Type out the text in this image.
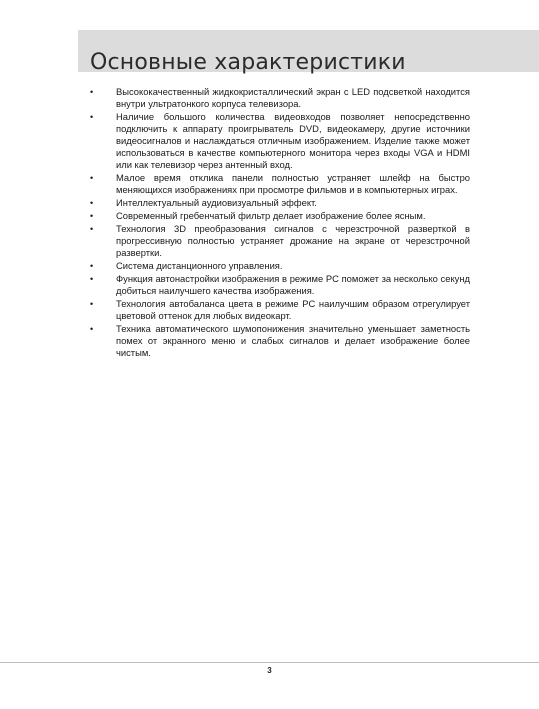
Основные характеристики
• Высококачественный жидкокристаллический экран с LED подсветкой находится внутри ультратонкого корпуса телевизора.
• Наличие большого количества видеовходов позволяет непосредственно подключить к аппарату проигрыватель DVD, видеокамеру, другие источники видеосигналов и наслаждаться отличным изображением. Изделие также может использоваться в качестве компьютерного монитора через входы VGA и HDMI или как телевизор через антенный вход.
• Малое время отклика панели полностью устраняет шлейф на быстро меняющихся изображениях при просмотре фильмов и в компьютерных играх.
• Интеллектуальный аудиовизуальный эффект.
• Современный гребенчатый фильтр делает изображение более ясным.
• Технология 3D преобразования сигналов с черезстрочной разверткой в прогрессивную полностью устраняет дрожание на экране от черезстрочной развертки.
• Система дистанционного управления.
• Функция автонастройки изображения в режиме PC поможет за несколько секунд добиться наилучшего качества изображения.
• Технология автобаланса цвета в режиме PC наилучшим образом отрегулирует цветовой оттенок для любых видеокарт.
• Техника автоматического шумопонижения значительно уменьшает заметность помех от экранного меню и слабых сигналов и делает изображение более чистым.
3
